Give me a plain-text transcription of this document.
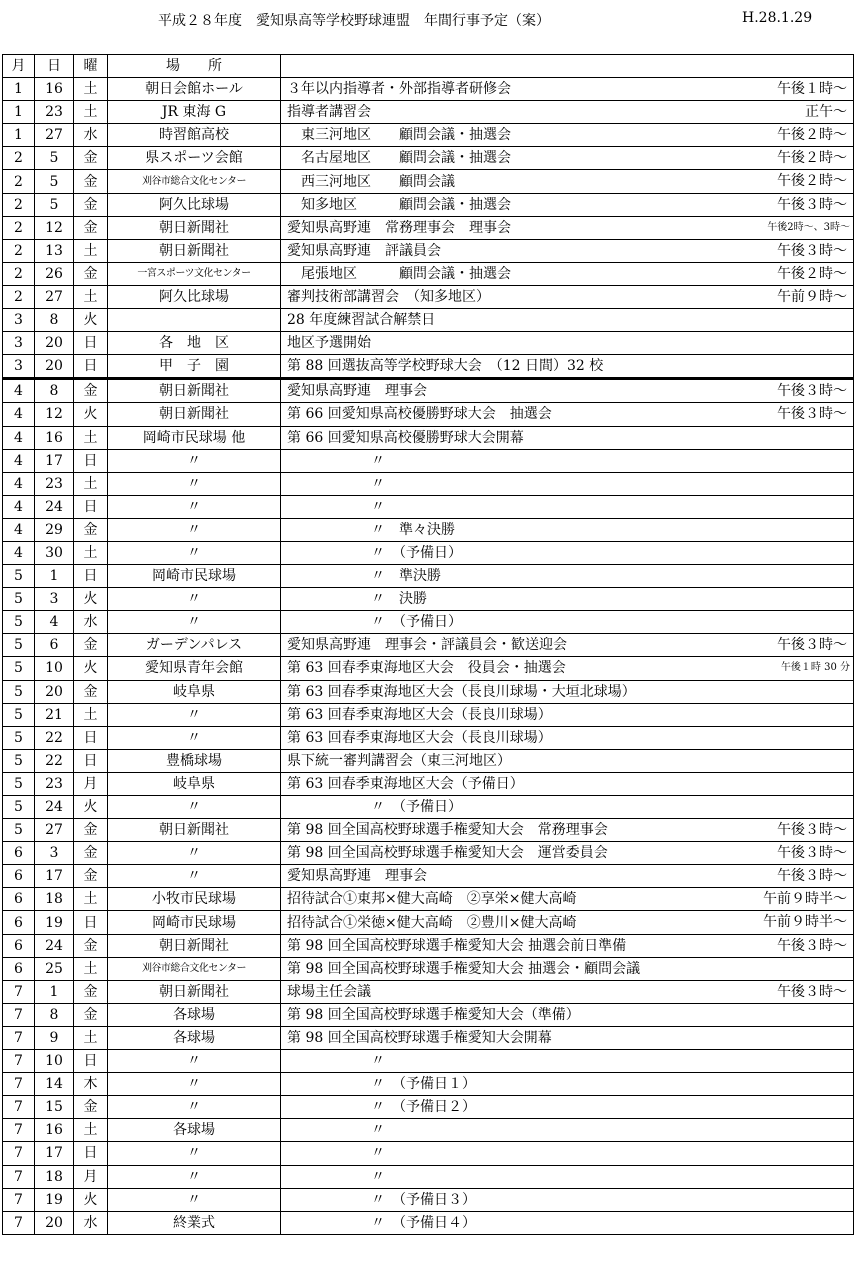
平成２８年度　愛知県高等学校野球連盟　年間行事予定（案）	H.28.1.29
月	日	曜	場　　所	
1	16	土	朝日会館ホール	３年以内指導者・外部指導者研修会 午後１時～

1	23	土	JR 東海 G	指導者講習会 正午～

1	27	水	時習館高校	　東三河地区　　顧問会議・抽選会 午後２時～

2	5	金	県スポーツ会館	　名古屋地区　　顧問会議・抽選会 午後２時～

2	5	金	刈谷市総合文化センター	　西三河地区　　顧問会議 午後２時～

2	5	金	阿久比球場	　知多地区　　　顧問会議・抽選会 午後３時～

2	12	金	朝日新聞社	愛知県高野連　常務理事会　理事会 午後2時～、3時～

2	13	土	朝日新聞社	愛知県高野連　評議員会 午後３時～

2	26	金	一宮スポーツ文化センター	　尾張地区　　　顧問会議・抽選会 午後２時～

2	27	土	阿久比球場	審判技術部講習会　（知多地区） 午前９時～

3	8	火		28 年度練習試合解禁日

3	20	日	各　地　区	地区予選開始

3	20	日	甲　子　園	第 88 回選抜高等学校野球大会　（12 日間）32 校

4	8	金	朝日新聞社	愛知県高野連　理事会 午後３時～

4	12	火	朝日新聞社	第 66 回愛知県高校優勝野球大会　抽選会 午後３時～

4	16	土	岡崎市民球場 他	第 66 回愛知県高校優勝野球大会開幕

4	17	日	〃	　　　　　　〃

4	23	土	〃	　　　　　　〃

4	24	日	〃	　　　　　　〃

4	29	金	〃	　　　　　　〃　準々決勝

4	30	土	〃	　　　　　　〃　（予備日）

5	1	日	岡崎市民球場	　　　　　　〃　準決勝

5	3	火	〃	　　　　　　〃　決勝

5	4	水	〃	　　　　　　〃　（予備日）

5	6	金	ガーデンパレス	愛知県高野連　理事会・評議員会・歓送迎会 午後３時～

5	10	火	愛知県青年会館	第 63 回春季東海地区大会　役員会・抽選会 午後１時 30 分

5	20	金	岐阜県	第 63 回春季東海地区大会（長良川球場・大垣北球場）

5	21	土	〃	第 63 回春季東海地区大会（長良川球場）

5	22	日	〃	第 63 回春季東海地区大会（長良川球場）

5	22	日	豊橋球場	県下統一審判講習会（東三河地区）

5	23	月	岐阜県	第 63 回春季東海地区大会（予備日）

5	24	火	〃	　　　　　　〃　（予備日）

5	27	金	朝日新聞社	第 98 回全国高校野球選手権愛知大会　常務理事会 午後３時～

6	3	金	〃	第 98 回全国高校野球選手権愛知大会　運営委員会 午後３時～

6	17	金	〃	愛知県高野連　理事会 午後３時～

6	18	土	小牧市民球場	招待試合①東邦×健大高崎　②享栄×健大高崎 午前９時半～

6	19	日	岡崎市民球場	招待試合①栄徳×健大高崎　②豊川×健大高崎 午前９時半～

6	24	金	朝日新聞社	第 98 回全国高校野球選手権愛知大会 抽選会前日準備 午後３時～

6	25	土	刈谷市総合文化センター	第 98 回全国高校野球選手権愛知大会 抽選会・顧問会議

7	1	金	朝日新聞社	球場主任会議 午後３時～

7	8	金	各球場	第 98 回全国高校野球選手権愛知大会（準備）

7	9	土	各球場	第 98 回全国高校野球選手権愛知大会開幕

7	10	日	〃	　　　　　　〃

7	14	木	〃	　　　　　　〃　（予備日１）

7	15	金	〃	　　　　　　〃　（予備日２）

7	16	土	各球場	　　　　　　〃

7	17	日	〃	　　　　　　〃

7	18	月	〃	　　　　　　〃

7	19	火	〃	　　　　　　〃　（予備日３）

7	20	水	終業式	　　　　　　〃　（予備日４）
